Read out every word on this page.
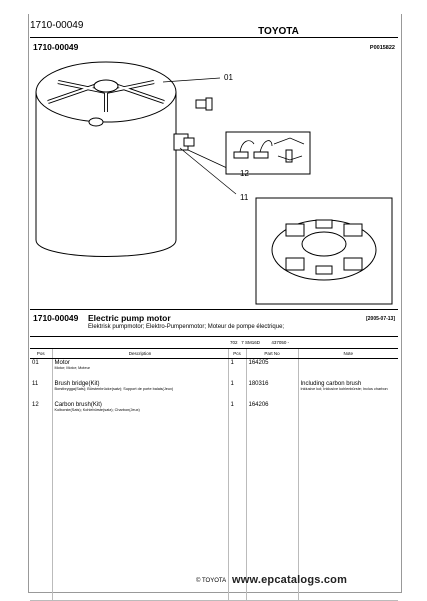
1710-00049
TOYOTA
1710-00049	P0015822
01
12
11
1710-00049 Electric pump motor	[2005-07-13]
Elektrisk pumpmotor; Elektro-Pumpenmotor; Moteur de pompe électrique;
		702 7 SM16D 437050 -		
Pos	Description	Pcs	Part No	Note

01	Motor
Motor; Motor; Moteur	1	164205	

11	Brush bridge(Kit)
Borstbrygga(Sats); Bürstenbrücke(satz); Support de porte balais(Jeux)	1	180316	Including carbon brush
Inklusive kol; Inklusive kohlenbürste; Inclus charbon

12	Carbon brush(Kit)
Kolborste(Sats); Kohlebürste(satz); Charbon(Jeux)	1	164206	

© TOYOTA www.epcatalogs.com
